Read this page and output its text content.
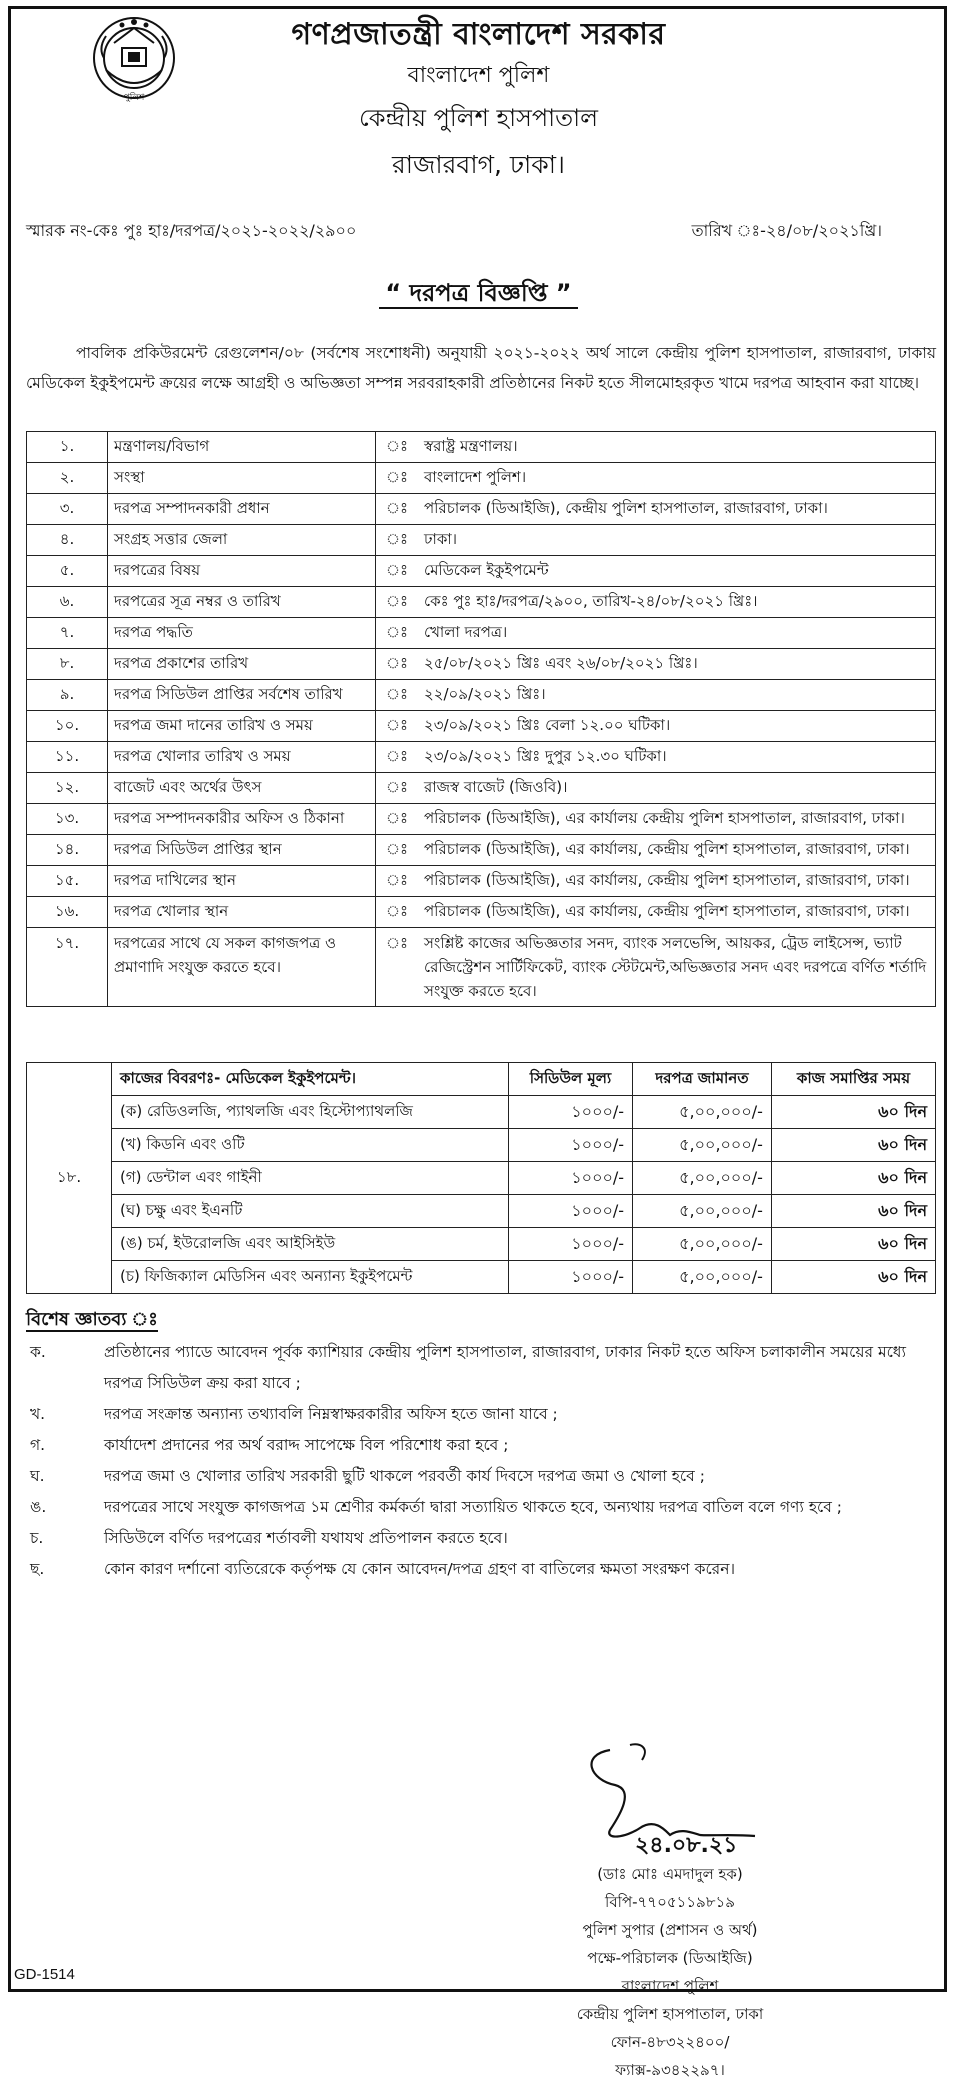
পুলিশ
গণপ্রজাতন্ত্রী বাংলাদেশ সরকার
বাংলাদেশ পুলিশ
কেন্দ্রীয় পুলিশ হাসপাতাল
রাজারবাগ, ঢাকা।
স্মারক নং-কেঃ পুঃ হাঃ/দরপত্র/২০২১-২০২২/২৯০০	তারিখ ঃ-২৪/০৮/২০২১খ্রি।
“ দরপত্র বিজ্ঞপ্তি ”
পাবলিক প্রকিউরমেন্ট রেগুলেশন/০৮ (সর্বশেষ সংশোধনী) অনুযায়ী ২০২১-২০২২ অর্থ সালে কেন্দ্রীয় পুলিশ হাসপাতাল, রাজারবাগ, ঢাকায় মেডিকেল ইকুইপমেন্ট ক্রয়ের লক্ষে আগ্রহী ও অভিজ্ঞতা সম্পন্ন সরবরাহকারী প্রতিষ্ঠানের নিকট হতে সীলমোহরকৃত খামে দরপত্র আহবান করা যাচ্ছে।
১.	মন্ত্রণালয়/বিভাগ	ঃ	স্বরাষ্ট্র মন্ত্রণালয়।
২.	সংস্থা	ঃ	বাংলাদেশ পুলিশ।
৩.	দরপত্র সম্পাদনকারী প্রধান	ঃ	পরিচালক (ডিআইজি), কেন্দ্রীয় পুলিশ হাসপাতাল, রাজারবাগ, ঢাকা।
৪.	সংগ্রহ সত্তার জেলা	ঃ	ঢাকা।
৫.	দরপত্রের বিষয়	ঃ	মেডিকেল ইকুইপমেন্ট
৬.	দরপত্রের সূত্র নম্বর ও তারিখ	ঃ	কেঃ পুঃ হাঃ/দরপত্র/২৯০০, তারিখ-২৪/০৮/২০২১ খ্রিঃ।
৭.	দরপত্র পদ্ধতি	ঃ	খোলা দরপত্র।
৮.	দরপত্র প্রকাশের তারিখ	ঃ	২৫/০৮/২০২১ খ্রিঃ এবং ২৬/০৮/২০২১ খ্রিঃ।
৯.	দরপত্র সিডিউল প্রাপ্তির সর্বশেষ তারিখ	ঃ	২২/০৯/২০২১ খ্রিঃ।
১০.	দরপত্র জমা দানের তারিখ ও সময়	ঃ	২৩/০৯/২০২১ খ্রিঃ বেলা ১২.০০ ঘটিকা।
১১.	দরপত্র খোলার তারিখ ও সময়	ঃ	২৩/০৯/২০২১ খ্রিঃ দুপুর ১২.৩০ ঘটিকা।
১২.	বাজেট এবং অর্থের উৎস	ঃ	রাজস্ব বাজেট (জিওবি)।
১৩.	দরপত্র সম্পাদনকারীর অফিস ও ঠিকানা	ঃ	পরিচালক (ডিআইজি), এর কার্যালয় কেন্দ্রীয় পুলিশ হাসপাতাল, রাজারবাগ, ঢাকা।
১৪.	দরপত্র সিডিউল প্রাপ্তির স্থান	ঃ	পরিচালক (ডিআইজি), এর কার্যালয়, কেন্দ্রীয় পুলিশ হাসপাতাল, রাজারবাগ, ঢাকা।
১৫.	দরপত্র দাখিলের স্থান	ঃ	পরিচালক (ডিআইজি), এর কার্যালয়, কেন্দ্রীয় পুলিশ হাসপাতাল, রাজারবাগ, ঢাকা।
১৬.	দরপত্র খোলার স্থান	ঃ	পরিচালক (ডিআইজি), এর কার্যালয়, কেন্দ্রীয় পুলিশ হাসপাতাল, রাজারবাগ, ঢাকা।
১৭.	দরপত্রের সাথে যে সকল কাগজপত্র ও প্রমাণাদি সংযুক্ত করতে হবে।	ঃ	সংশ্লিষ্ট কাজের অভিজ্ঞতার সনদ, ব্যাংক সলভেন্সি, আয়কর, ট্রেড লাইসেন্স, ভ্যাট রেজিস্ট্রেশন সার্টিফিকেট, ব্যাংক স্টেটমেন্ট,অভিজ্ঞতার সনদ এবং দরপত্রে বর্ণিত শর্তাদি সংযুক্ত করতে হবে।
১৮.	কাজের বিবরণঃ- মেডিকেল ইকুইপমেন্ট।	সিডিউল মূল্য	দরপত্র জামানত	কাজ সমাপ্তির সময়
	(ক) রেডিওলজি, প্যাথলজি এবং হিস্টোপ্যাথলজি	১০০০/-	৫,০০,০০০/-	৬০ দিন
	(খ) কিডনি এবং ওটি	১০০০/-	৫,০০,০০০/-	৬০ দিন
	(গ) ডেন্টাল এবং গাইনী	১০০০/-	৫,০০,০০০/-	৬০ দিন
	(ঘ) চক্ষু এবং ইএনটি	১০০০/-	৫,০০,০০০/-	৬০ দিন
	(ঙ) চর্ম, ইউরোলজি এবং আইসিইউ	১০০০/-	৫,০০,০০০/-	৬০ দিন
	(চ) ফিজিক্যাল মেডিসিন এবং অন্যান্য ইকুইপমেন্ট	১০০০/-	৫,০০,০০০/-	৬০ দিন
বিশেষ জ্ঞাতব্য ঃ
ক.	প্রতিষ্ঠানের প্যাডে আবেদন পূর্বক ক্যাশিয়ার কেন্দ্রীয় পুলিশ হাসপাতাল, রাজারবাগ, ঢাকার নিকট হতে অফিস চলাকালীন সময়ের মধ্যে দরপত্র সিডিউল ক্রয় করা যাবে ;
খ.	দরপত্র সংক্রান্ত অন্যান্য তথ্যাবলি নিম্নস্বাক্ষরকারীর অফিস হতে জানা যাবে ;
গ.	কার্যাদেশ প্রদানের পর অর্থ বরাদ্দ সাপেক্ষে বিল পরিশোধ করা হবে ;
ঘ.	দরপত্র জমা ও খোলার তারিখ সরকারী ছুটি থাকলে পরবর্তী কার্য দিবসে দরপত্র জমা ও খোলা হবে ;
ঙ.	দরপত্রের সাথে সংযুক্ত কাগজপত্র ১ম শ্রেণীর কর্মকর্তা দ্বারা সত্যায়িত থাকতে হবে, অন্যথায় দরপত্র বাতিল বলে গণ্য হবে ;
চ.	সিডিউলে বর্ণিত দরপত্রের শর্তাবলী যথাযথ প্রতিপালন করতে হবে।
ছ.	কোন কারণ দর্শানো ব্যতিরেকে কর্তৃপক্ষ যে কোন আবেদন/দপত্র গ্রহণ বা বাতিলের ক্ষমতা সংরক্ষণ করেন।
২৪.০৮.২১
(ডাঃ মোঃ এমদাদুল হক)
বিপি-৭৭০৫১১৯৮১৯
পুলিশ সুপার (প্রশাসন ও অর্থ)
পক্ষে-পরিচালক (ডিআইজি)
বাংলাদেশ পুলিশ
কেন্দ্রীয় পুলিশ হাসপাতাল, ঢাকা
ফোন-৪৮৩২২৪০০/ফ্যাক্স-৯৩৪২২৯৭।
GD-1514
